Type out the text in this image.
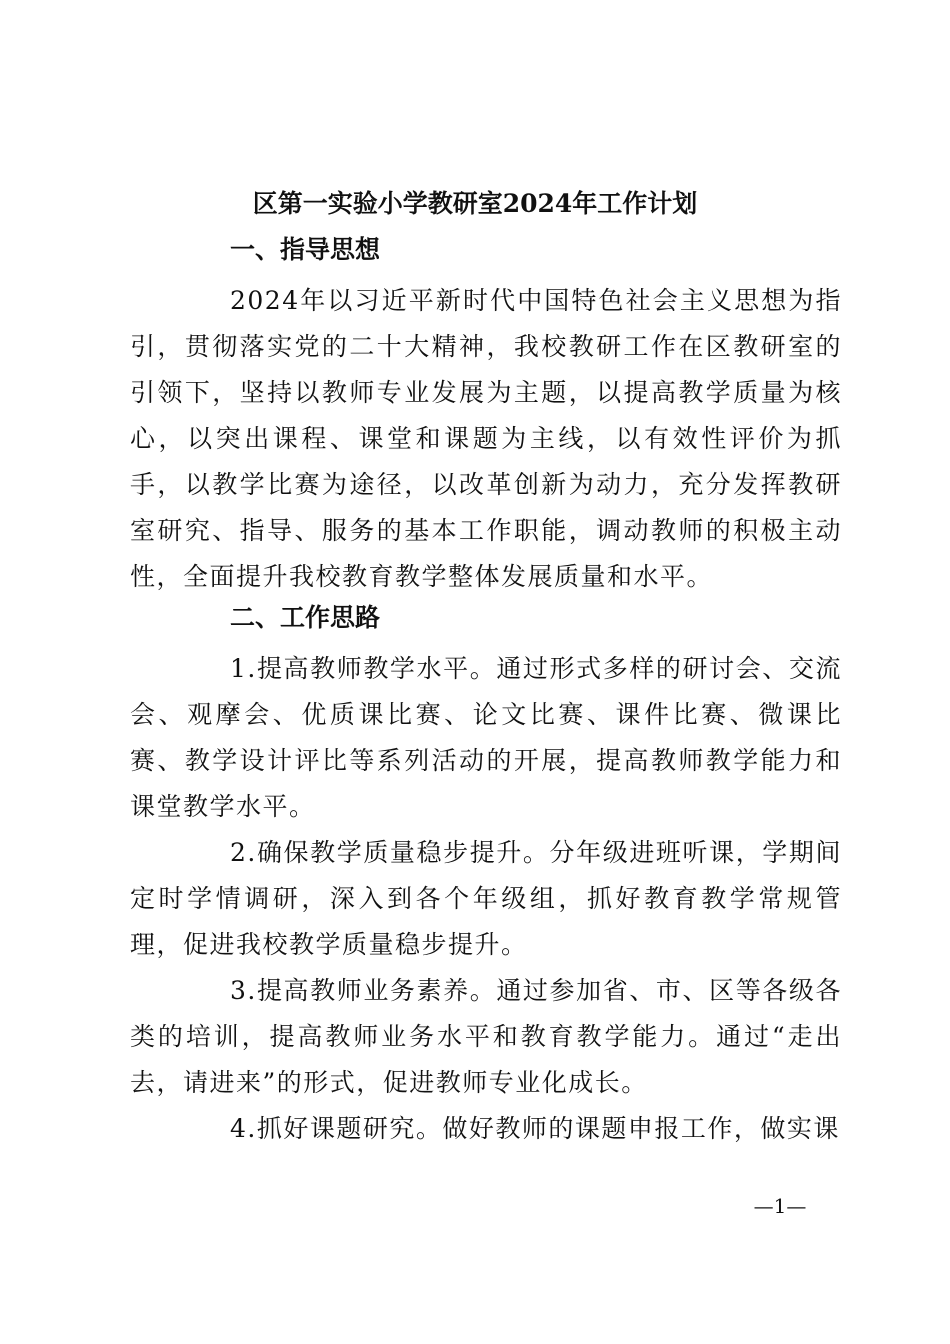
区第一实验小学教研室2024年工作计划
一、指导思想

2024年以习近平新时代中国特色社会主义思想为指引，贯彻落实党的二十大精神，我校教研工作在区教研室的引领下，坚持以教师专业发展为主题，以提高教学质量为核心，以突出课程、课堂和课题为主线，以有效性评价为抓手，以教学比赛为途径，以改革创新为动力，充分发挥教研室研究、指导、服务的基本工作职能，调动教师的积极主动性，全面提升我校教育教学整体发展质量和水平。

二、工作思路

1.提高教师教学水平。通过形式多样的研讨会、交流会、观摩会、优质课比赛、论文比赛、课件比赛、微课比赛、教学设计评比等系列活动的开展，提高教师教学能力和课堂教学水平。

2.确保教学质量稳步提升。分年级进班听课，学期间定时学情调研，深入到各个年级组，抓好教育教学常规管理，促进我校教学质量稳步提升。

3.提高教师业务素养。通过参加省、市、区等各级各类的培训，提高教师业务水平和教育教学能力。通过“走出去，请进来”的形式，促进教师专业化成长。

4.抓好课题研究。做好教师的课题申报工作，做实课

—1—
